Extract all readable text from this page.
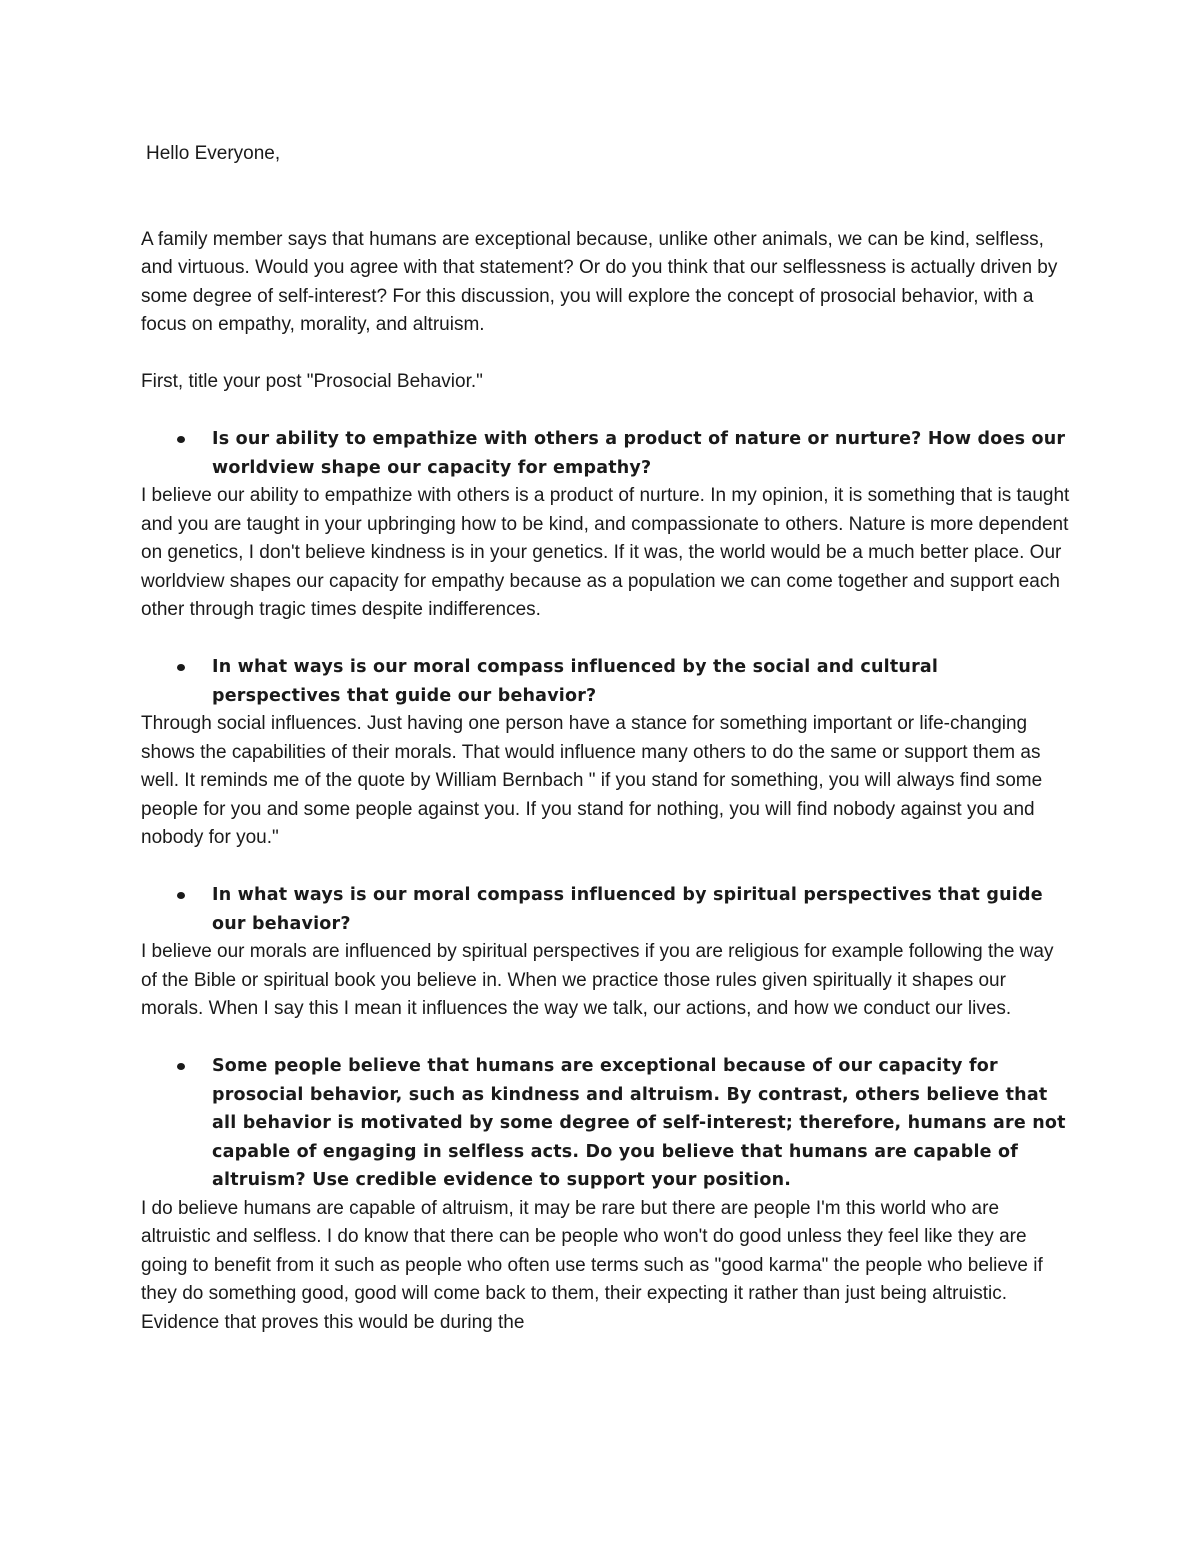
Hello Everyone,

A family member says that humans are exceptional because, unlike other animals, we can be kind, selfless, and virtuous. Would you agree with that statement? Or do you think that our selflessness is actually driven by some degree of self-interest? For this discussion, you will explore the concept of prosocial behavior, with a focus on empathy, morality, and altruism.

First, title your post "Prosocial Behavior."

Is our ability to empathize with others a product of nature or nurture? How does our worldview shape our capacity for empathy?

I believe our ability to empathize with others is a product of nurture. In my opinion, it is something that is taught and you are taught in your upbringing how to be kind, and compassionate to others. Nature is more dependent on genetics, I don't believe kindness is in your genetics. If it was, the world would be a much better place. Our worldview shapes our capacity for empathy because as a population we can come together and support each other through tragic times despite indifferences.

In what ways is our moral compass influenced by the social and cultural perspectives that guide our behavior?

Through social influences. Just having one person have a stance for something important or life-changing shows the capabilities of their morals. That would influence many others to do the same or support them as well. It reminds me of the quote by William Bernbach " if you stand for something, you will always find some people for you and some people against you. If you stand for nothing, you will find nobody against you and nobody for you."

In what ways is our moral compass influenced by spiritual perspectives that guide our behavior?

I believe our morals are influenced by spiritual perspectives if you are religious for example following the way of the Bible or spiritual book you believe in. When we practice those rules given spiritually it shapes our morals. When I say this I mean it influences the way we talk, our actions, and how we conduct our lives.

Some people believe that humans are exceptional because of our capacity for prosocial behavior, such as kindness and altruism. By contrast, others believe that all behavior is motivated by some degree of self-interest; therefore, humans are not capable of engaging in selfless acts. Do you believe that humans are capable of altruism? Use credible evidence to support your position.

I do believe humans are capable of altruism, it may be rare but there are people I'm this world who are altruistic and selfless. I do know that there can be people who won't do good unless they feel like they are going to benefit from it such as people who often use terms such as "good karma" the people who believe if they do something good, good will come back to them, their expecting it rather than just being altruistic. Evidence that proves this would be during the
